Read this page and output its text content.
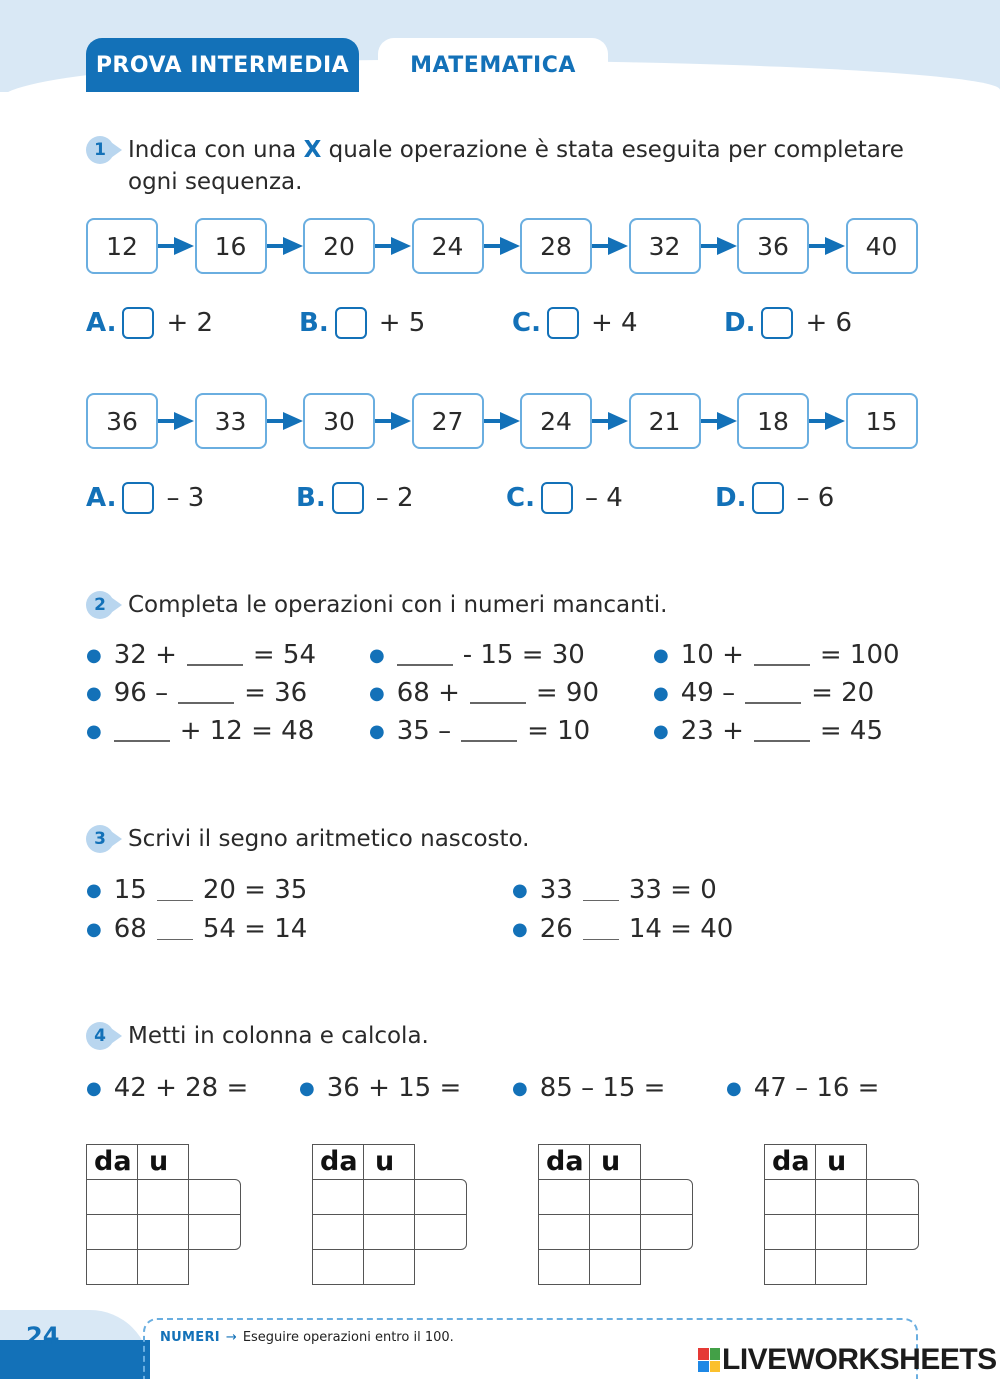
PROVA INTERMEDIA	MATEMATICA
1 Indica con una X quale operazione è stata eseguita per completare
ogni sequenza.
12	16	20	24	28	32	36	40
A. + 2	B. + 5	C. + 4	D. + 6
36	33	30	27	24	21	18	15
A. – 3	B. – 2	C. – 4	D. – 6
2 Completa le operazioni con i numeri mancanti.
● 32 +	= 54	●	- 15 = 30	● 10 +	= 100
● 96 –	= 36	● 68 +	= 90	● 49 –	= 20
●	+ 12 = 48	● 35 –	= 10	● 23 +	= 45
3 Scrivi il segno aritmetico nascosto.
● 15 20 = 35	● 33 33 = 0
● 68 54 = 14	● 26 14 = 40
4 Metti in colonna e calcola.
● 42 + 28 =	● 36 + 15 =	● 85 – 15 =	● 47 – 16 =
da u	da u	da u	da u
24	NUMERI → Eseguire operazioni entro il 100.
LIVEWORKSHEETS
